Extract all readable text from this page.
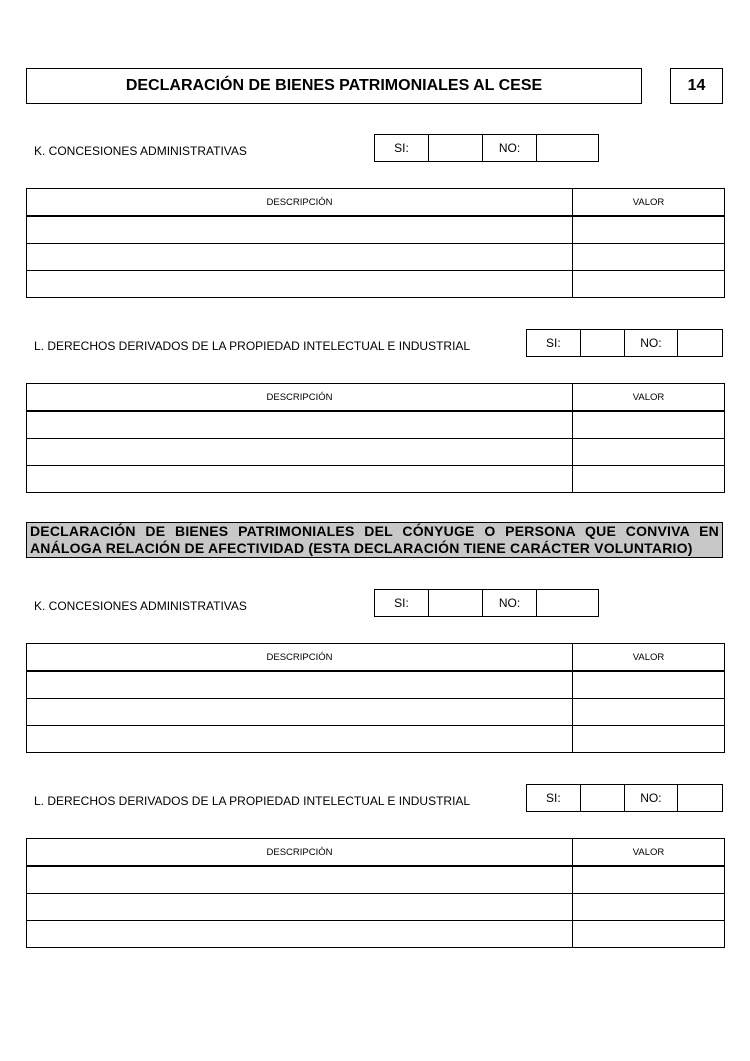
DECLARACIÓN DE BIENES PATRIMONIALES AL CESE	14
K. CONCESIONES ADMINISTRATIVAS	SI:	NO:
DESCRIPCIÓN	VALOR

L. DERECHOS DERIVADOS DE LA PROPIEDAD INTELECTUAL E INDUSTRIAL	SI:	NO:
DESCRIPCIÓN	VALOR

DECLARACIÓN DE BIENES PATRIMONIALES DEL CÓNYUGE O PERSONA QUE CONVIVA EN ANÁLOGA RELACIÓN DE AFECTIVIDAD (ESTA DECLARACIÓN TIENE CARÁCTER VOLUNTARIO)
K. CONCESIONES ADMINISTRATIVAS	SI:	NO:
DESCRIPCIÓN	VALOR

L. DERECHOS DERIVADOS DE LA PROPIEDAD INTELECTUAL E INDUSTRIAL	SI:	NO:
DESCRIPCIÓN	VALOR
